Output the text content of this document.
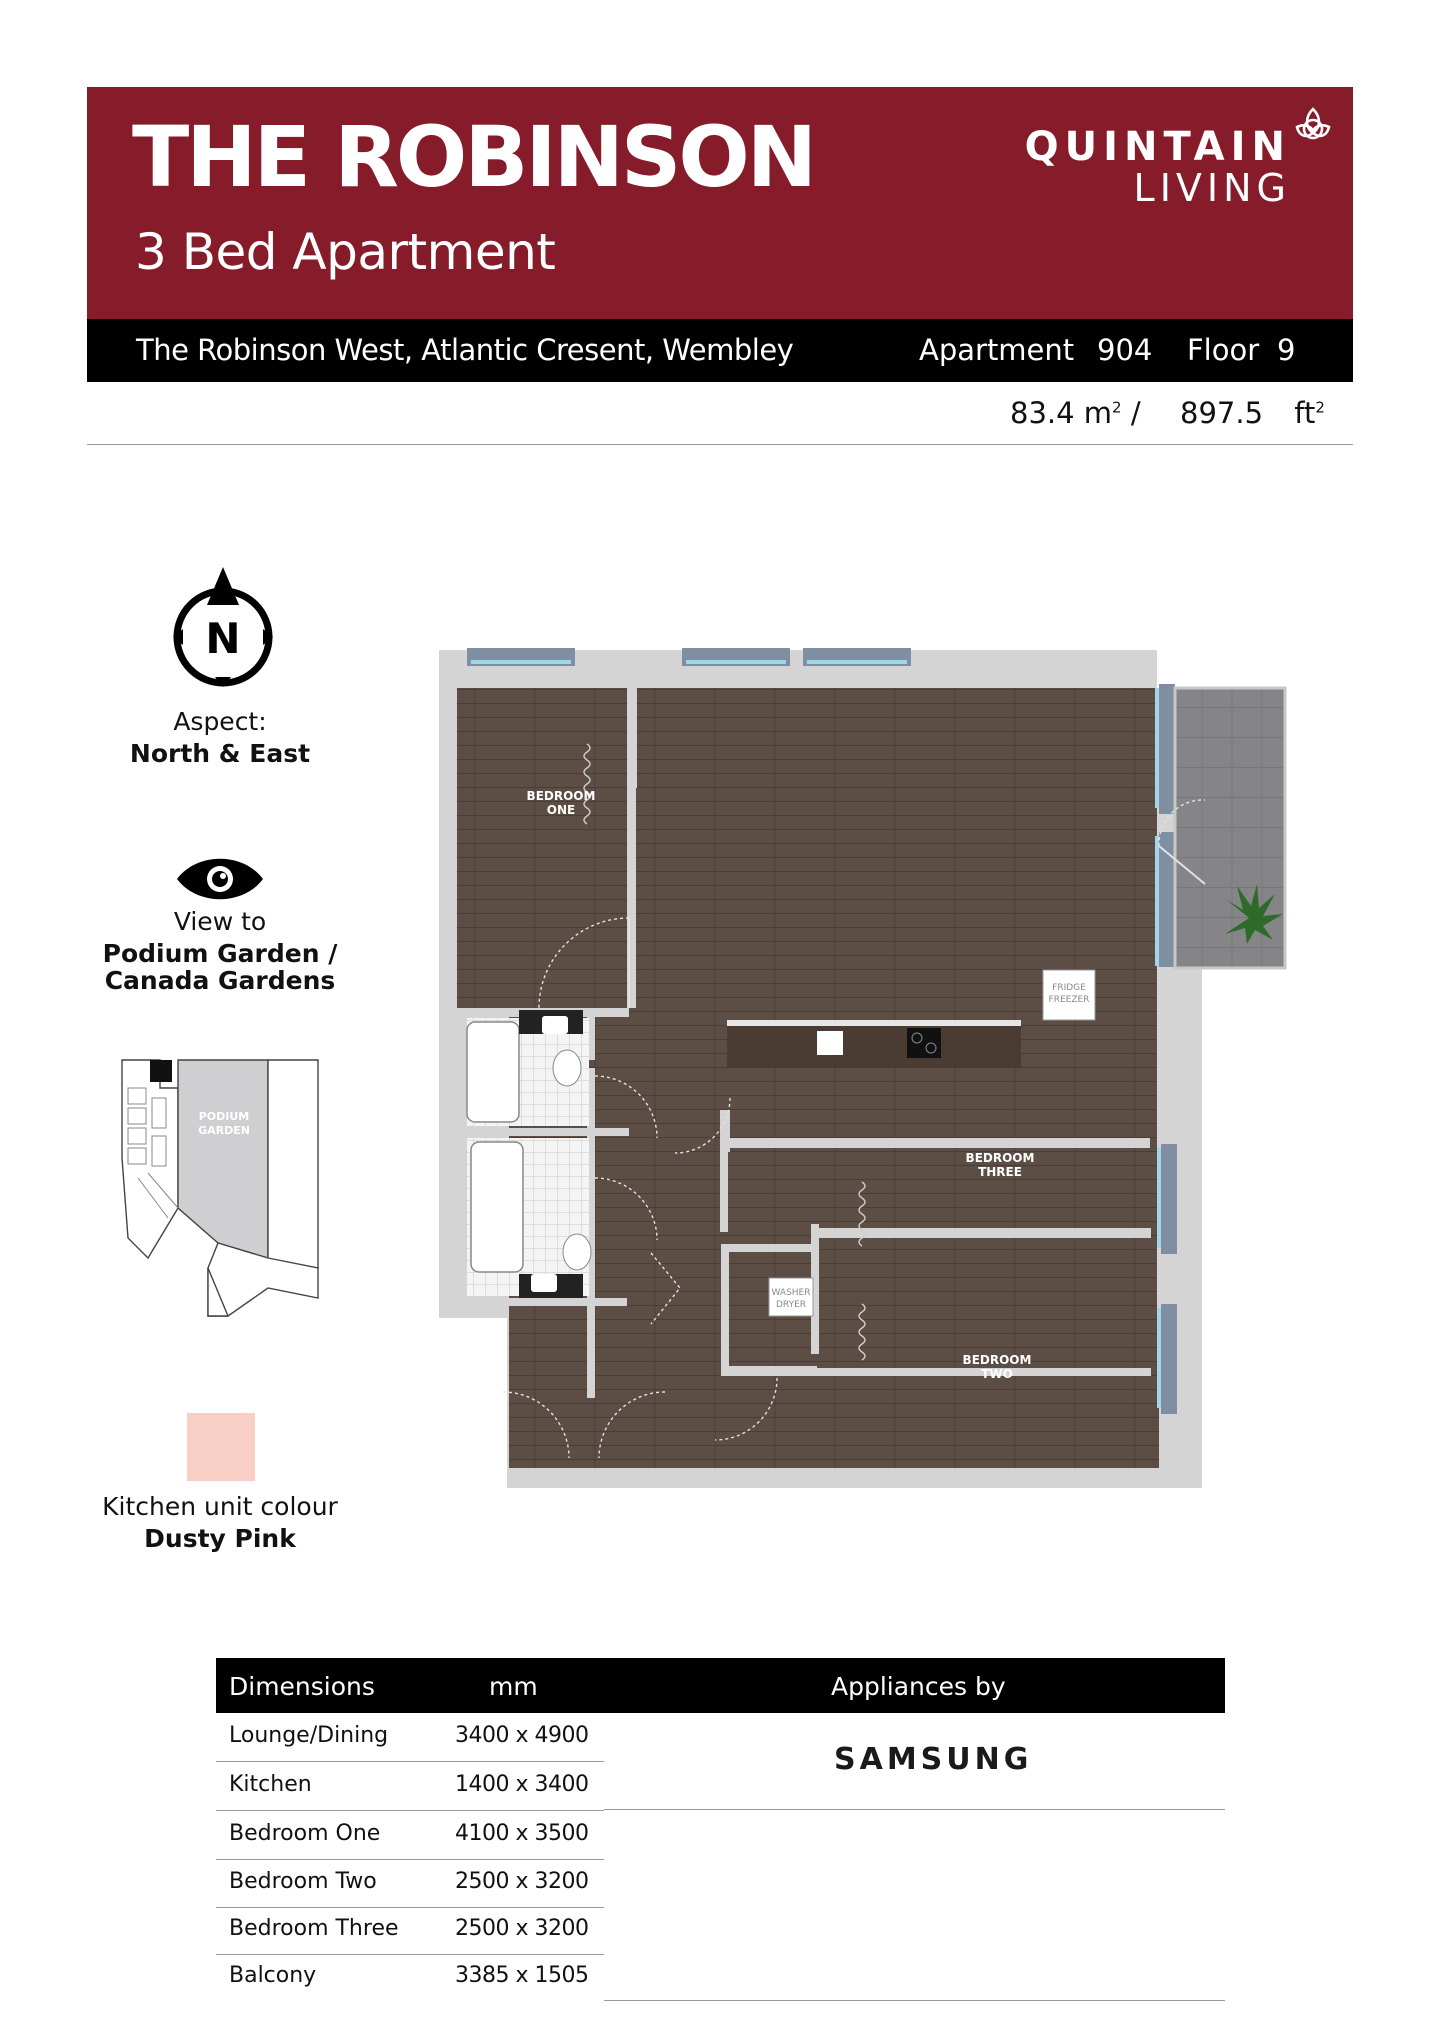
THE ROBINSON
3 Bed Apartment
QUINTAIN
LIVING
The Robinson West, Atlantic Cresent, Wembley	Apartment 904 Floor 9
83.4 $m^2 / 897.5$ $ft^2$
N
Aspect:
North & East
View to
Podium Garden /
Canada Gardens
PODIUM
GARDEN
Kitchen unit colour
Dusty Pink
BEDROOM
ONE
BEDROOM
THREE
BEDROOM
TWO
FRIDGE
FREEZER
WASHER
DRYER
Dimensions	mm	Appliances by
Lounge/Dining	3400 x 4900
Kitchen	1400 x 3400
Bedroom One	4100 x 3500
Bedroom Two	2500 x 3200
Bedroom Three	2500 x 3200
Balcony	3385 x 1505
SAMSUNG
